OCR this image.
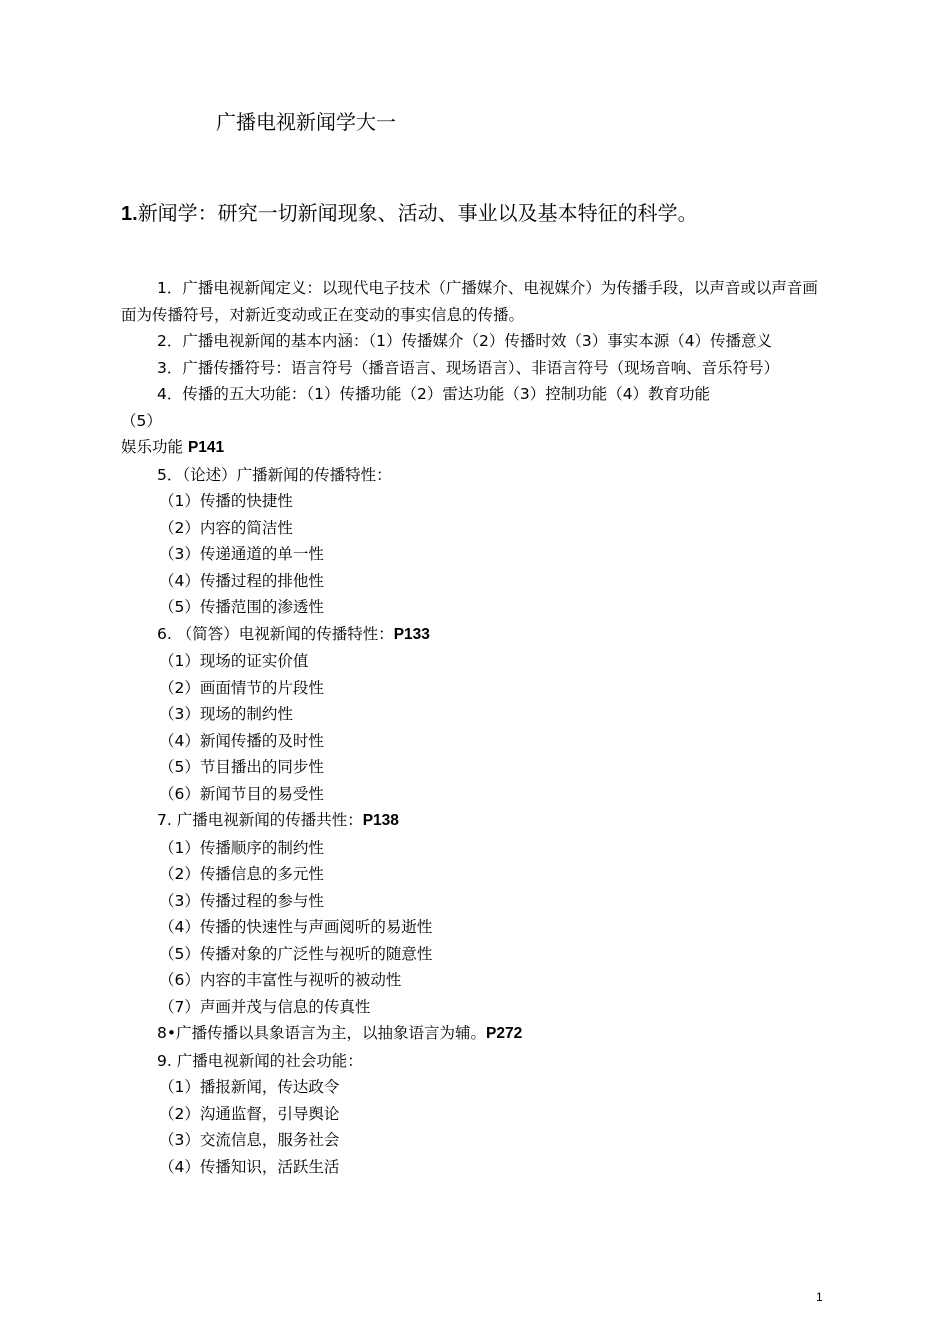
广播电视新闻学大一
1.新闻学：研究一切新闻现象、活动、事业以及基本特征的科学。

1．广播电视新闻定义：以现代电子技术（广播媒介、电视媒介）为传播手段，以声音或以声音画面为传播符号，对新近变动或正在变动的事实信息的传播。

2．广播电视新闻的基本内涵：（1）传播媒介（2）传播时效（3）事实本源（4）传播意义

3．广播传播符号：语言符号（播音语言、现场语言）、非语言符号（现场音响、音乐符号）

4．传播的五大功能：（1）传播功能（2）雷达功能（3）控制功能（4）教育功能

（5）

娱乐功能 P141

5．（论述）广播新闻的传播特性：

（1）传播的快捷性

（2）内容的简洁性

（3）传递通道的单一性

（4）传播过程的排他性

（5）传播范围的渗透性

6. （简答）电视新闻的传播特性：P133

（1）现场的证实价值

（2）画面情节的片段性

（3）现场的制约性

（4）新闻传播的及时性

（5）节目播出的同步性

（6）新闻节目的易受性

7. 广播电视新闻的传播共性：P138

（1）传播顺序的制约性

（2）传播信息的多元性

（3）传播过程的参与性

（4）传播的快速性与声画阅听的易逝性

（5）传播对象的广泛性与视听的随意性

（6）内容的丰富性与视听的被动性

（7）声画并茂与信息的传真性

8•广播传播以具象语言为主，以抽象语言为辅。P272

9. 广播电视新闻的社会功能：

（1）播报新闻，传达政令

（2）沟通监督，引导舆论

（3）交流信息，服务社会

（4）传播知识，活跃生活

1
